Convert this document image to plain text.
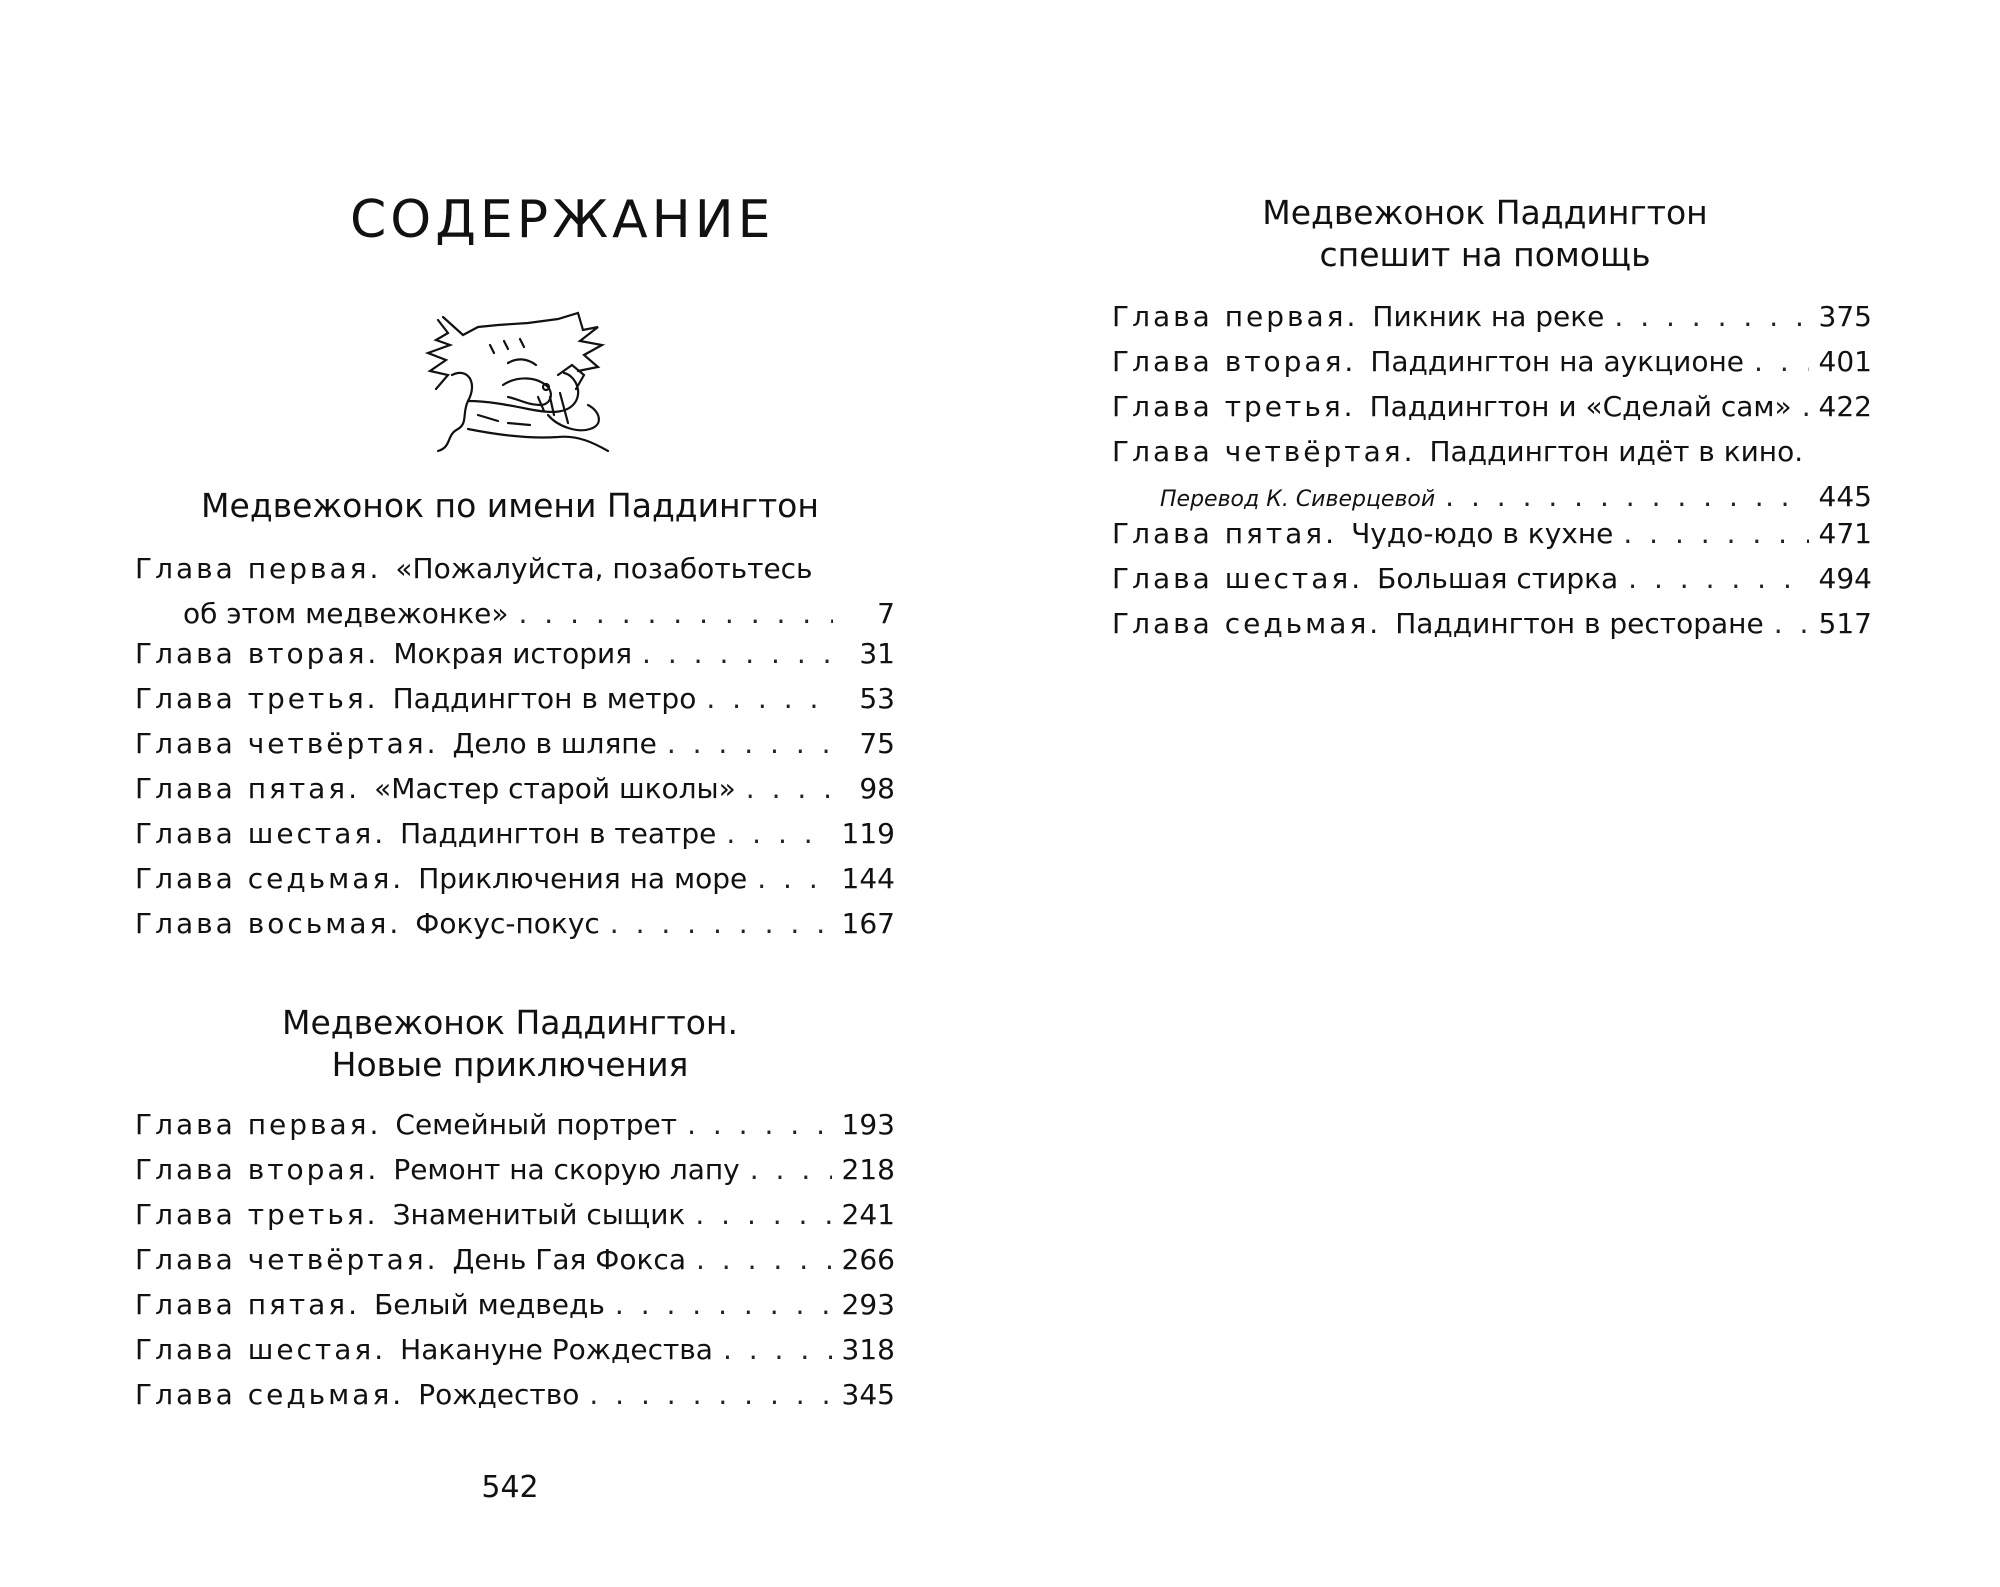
СОДЕРЖАНИЕ
Медвежонок по имени Паддингтон
Глава первая. «Пожалуйста, позаботьтесь
об этом медвежонке» . . .	7
Глава вторая. Мокрая история . . .	31
Глава третья. Паддингтон в метро . . .	53
Глава четвёртая. Дело в шляпе . . .	75
Глава пятая. «Мастер старой школы» . . .	98
Глава шестая. Паддингтон в театре . . .	119
Глава седьмая. Приключения на море . . .	144
Глава восьмая. Фокус-покус . . .	167
Медвежонок Паддингтон.
Новые приключения
Глава первая. Семейный портрет . . .	193
Глава вторая. Ремонт на скорую лапу . . .	218
Глава третья. Знаменитый сыщик . . .	241
Глава четвёртая. День Гая Фокса . . .	266
Глава пятая. Белый медведь . . .	293
Глава шестая. Накануне Рождества . . .	318
Глава седьмая. Рождество . . .	345
Медвежонок Паддингтон
спешит на помощь
Глава первая. Пикник на реке . . .	375
Глава вторая. Паддингтон на аукционе . . .	401
Глава третья. Паддингтон и «Сделай сам» . . . 422
Глава четвёртая. Паддингтон идёт в кино.
Перевод К. Сиверцевой . . .	445
Глава пятая. Чудо-юдо в кухне . . .	471
Глава шестая. Большая стирка . . .	494
Глава седьмая. Паддингтон в ресторане . . . 517
542
